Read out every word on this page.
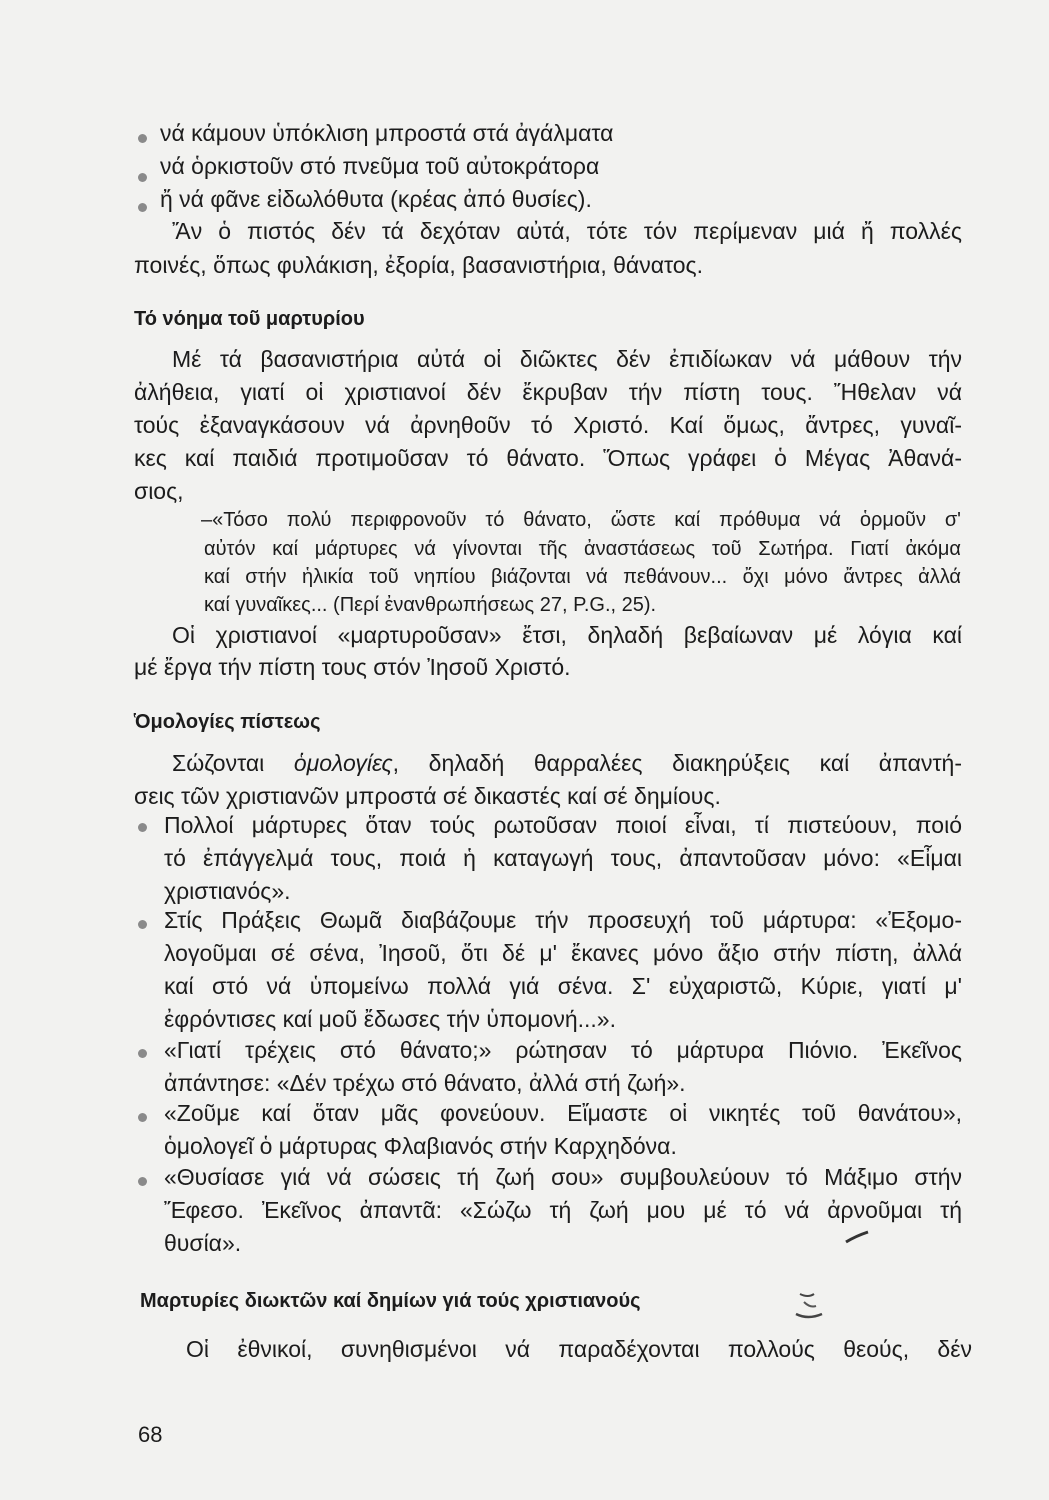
νά κάμουν ὑπόκλιση μπροστά στά ἀγάλματα
νά ὁρκιστοῦν στό πνεῦμα τοῦ αὐτοκράτορα
ἤ νά φᾶνε εἰδωλόθυτα (κρέας ἀπό θυσίες).
Ἄν ὁ πιστός δέν τά δεχόταν αὐτά, τότε τόν περίμεναν μιά ἤ πολλές
ποινές, ὅπως φυλάκιση, ἐξορία, βασανιστήρια, θάνατος.
Τό νόημα τοῦ μαρτυρίου
Μέ τά βασανιστήρια αὐτά οἱ διῶκτες δέν ἐπιδίωκαν νά μάθουν τήν
ἀλήθεια, γιατί οἱ χριστιανοί δέν ἔκρυβαν τήν πίστη τους. Ἤθελαν νά
τούς ἐξαναγκάσουν νά ἀρνηθοῦν τό Χριστό. Καί ὅμως, ἄντρες, γυναῖ-
κες καί παιδιά προτιμοῦσαν τό θάνατο. Ὅπως γράφει ὁ Μέγας Ἀθανά-
σιος,
–«Τόσο πολύ περιφρονοῦν τό θάνατο, ὥστε καί πρόθυμα νά ὁρμοῦν σ'
αὐτόν καί μάρτυρες νά γίνονται τῆς ἀναστάσεως τοῦ Σωτήρα. Γιατί ἀκόμα
καί στήν ἡλικία τοῦ νηπίου βιάζονται νά πεθάνουν... ὄχι μόνο ἄντρες ἀλλά
καί γυναῖκες... (Περί ἐνανθρωπήσεως 27, P.G., 25).
Οἱ χριστιανοί «μαρτυροῦσαν» ἔτσι, δηλαδή βεβαίωναν μέ λόγια καί
μέ ἔργα τήν πίστη τους στόν Ἰησοῦ Χριστό.
Ὁμολογίες πίστεως
Σώζονται ὁμολογίες, δηλαδή θαρραλέες διακηρύξεις καί ἀπαντή-
σεις τῶν χριστιανῶν μπροστά σέ δικαστές καί σέ δημίους.
Πολλοί μάρτυρες ὅταν τούς ρωτοῦσαν ποιοί εἶναι, τί πιστεύουν, ποιό
τό ἐπάγγελμά τους, ποιά ἡ καταγωγή τους, ἀπαντοῦσαν μόνο: «Εἶμαι
χριστιανός».
Στίς Πράξεις Θωμᾶ διαβάζουμε τήν προσευχή τοῦ μάρτυρα: «Ἐξομο-
λογοῦμαι σέ σένα, Ἰησοῦ, ὅτι δέ μ' ἔκανες μόνο ἄξιο στήν πίστη, ἀλλά
καί στό νά ὑπομείνω πολλά γιά σένα. Σ' εὐχαριστῶ, Κύριε, γιατί μ'
ἐφρόντισες καί μοῦ ἔδωσες τήν ὑπομονή...».
«Γιατί τρέχεις στό θάνατο;» ρώτησαν τό μάρτυρα Πιόνιο. Ἐκεῖνος
ἀπάντησε: «Δέν τρέχω στό θάνατο, ἀλλά στή ζωή».
«Ζοῦμε καί ὅταν μᾶς φονεύουν. Εἴμαστε οἱ νικητές τοῦ θανάτου»,
ὁμολογεῖ ὁ μάρτυρας Φλαβιανός στήν Καρχηδόνα.
«Θυσίασε γιά νά σώσεις τή ζωή σου» συμβουλεύουν τό Μάξιμο στήν
Ἔφεσο. Ἐκεῖνος ἀπαντᾶ: «Σώζω τή ζωή μου μέ τό νά ἀρνοῦμαι τή
θυσία».
Μαρτυρίες διωκτῶν καί δημίων γιά τούς χριστιανούς
Οἱ ἐθνικοί, συνηθισμένοι νά παραδέχονται πολλούς θεούς, δέν
68
